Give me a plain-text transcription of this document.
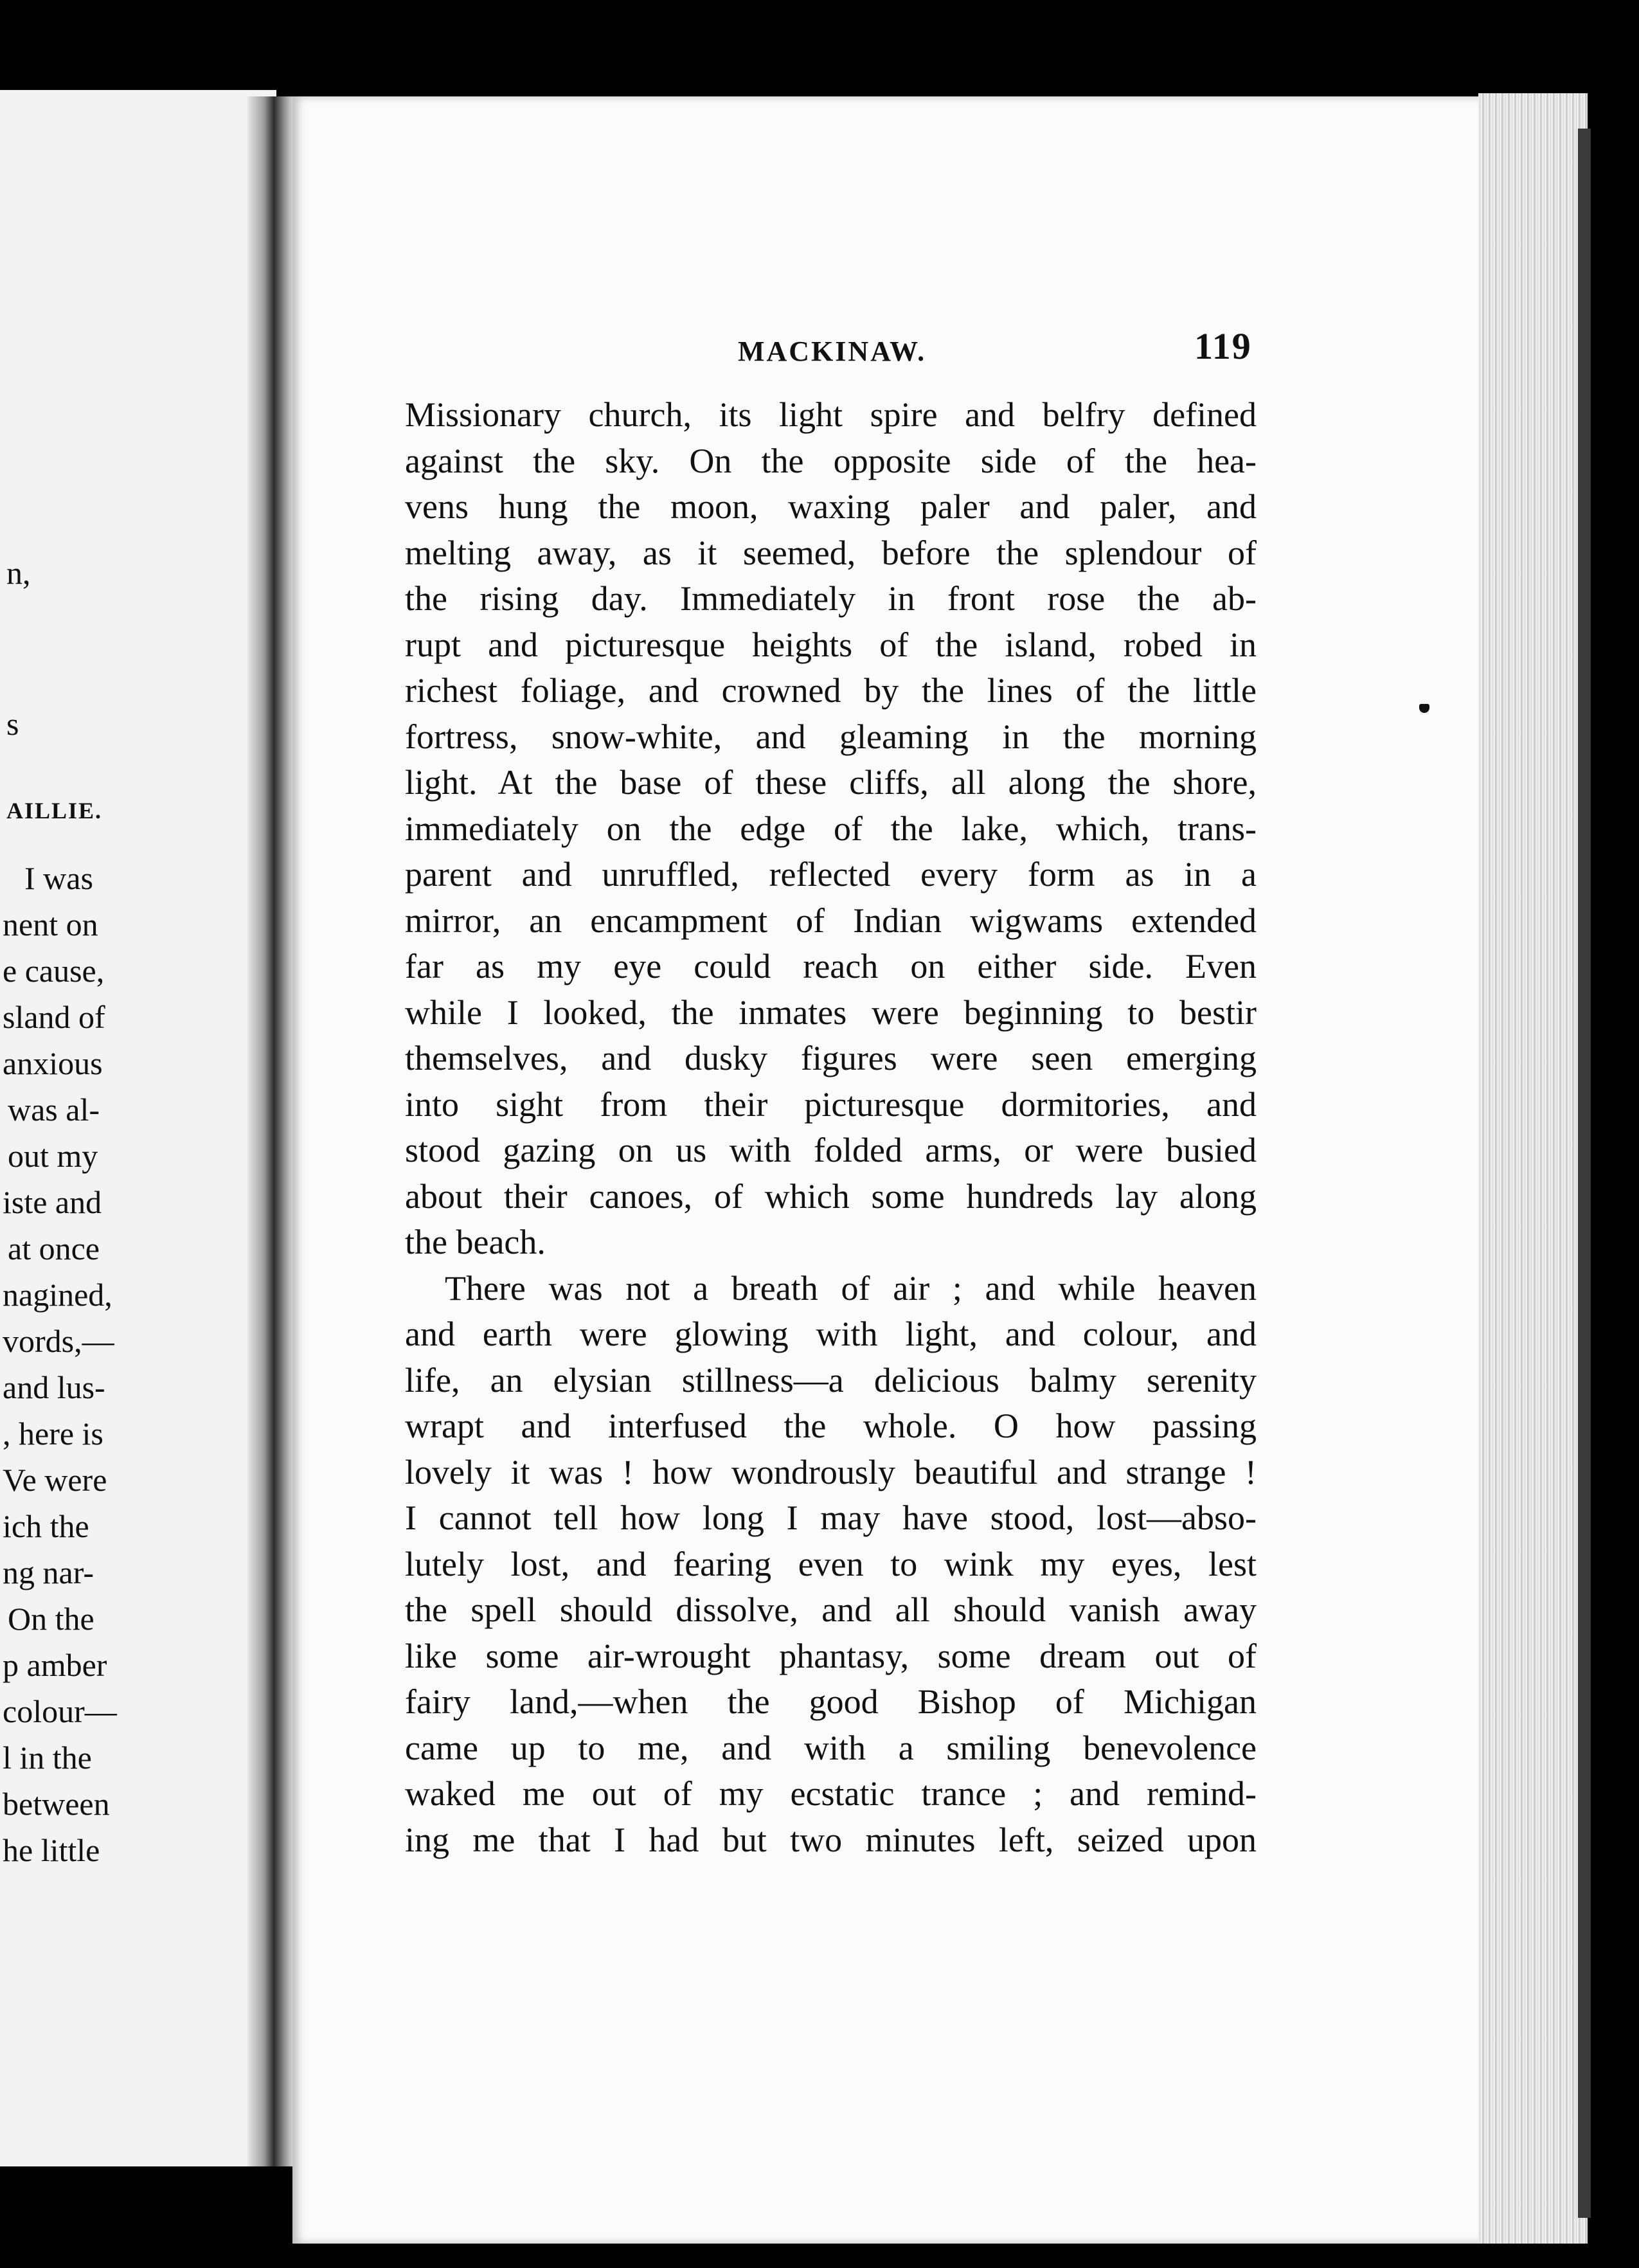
n,
s
AILLIE.
I was
nent on
e cause,
sland of
anxious
was al-
out my
iste and
at once
nagined,
vords,—
and lus-
, here is
Ve were
ich the
ng nar-
On the
p amber
colour—
l in the
between
he little
MACKINAW.	119

Missionary church, its light spire and belfry defined
against the sky. On the opposite side of the hea-
vens hung the moon, waxing paler and paler, and
melting away, as it seemed, before the splendour of
the rising day. Immediately in front rose the ab-
rupt and picturesque heights of the island, robed in
richest foliage, and crowned by the lines of the little
fortress, snow-white, and gleaming in the morning
light. At the base of these cliffs, all along the shore,
immediately on the edge of the lake, which, trans-
parent and unruffled, reflected every form as in a
mirror, an encampment of Indian wigwams extended
far as my eye could reach on either side. Even
while I looked, the inmates were beginning to bestir
themselves, and dusky figures were seen emerging
into sight from their picturesque dormitories, and
stood gazing on us with folded arms, or were busied
about their canoes, of which some hundreds lay along
the beach.

There was not a breath of air ; and while heaven
and earth were glowing with light, and colour, and
life, an elysian stillness—a delicious balmy serenity
wrapt and interfused the whole. O how passing
lovely it was ! how wondrously beautiful and strange !
I cannot tell how long I may have stood, lost—abso-
lutely lost, and fearing even to wink my eyes, lest
the spell should dissolve, and all should vanish away
like some air-wrought phantasy, some dream out of
fairy land,—when the good Bishop of Michigan
came up to me, and with a smiling benevolence
waked me out of my ecstatic trance ; and remind-
ing me that I had but two minutes left, seized upon
